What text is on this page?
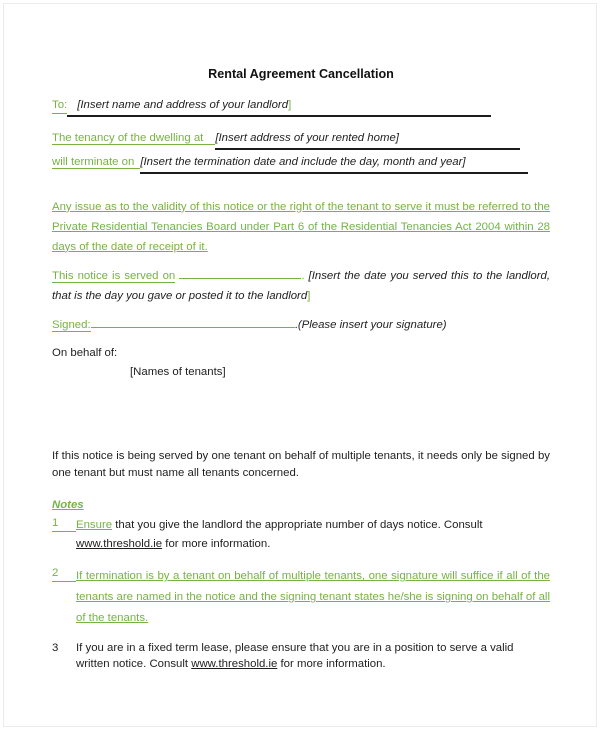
Rental Agreement Cancellation
To: [Insert name and address of your landlord]
The tenancy of the dwelling at [Insert address of your rented home]
will terminate on [Insert the termination date and include the day, month and year]
Any issue as to the validity of this notice or the right of the tenant to serve it must be referred to the Private Residential Tenancies Board under Part 6 of the Residential Tenancies Act 2004 within 28 days of the date of receipt of it.
This notice is served on	. [Insert the date you served this to the landlord, that is the day you gave or posted it to the landlord]
Signed:	.(Please insert your signature)
On behalf of:
[Names of tenants]
If this notice is being served by one tenant on behalf of multiple tenants, it needs only be signed by one tenant but must name all tenants concerned.
Notes
1	Ensure that you give the landlord the appropriate number of days notice. Consult www.threshold.ie for more information.
2	If termination is by a tenant on behalf of multiple tenants, one signature will suffice if all of the tenants are named in the notice and the signing tenant states he/she is signing on behalf of all of the tenants.
3	If you are in a fixed term lease, please ensure that you are in a position to serve a valid written notice. Consult www.threshold.ie for more information.
